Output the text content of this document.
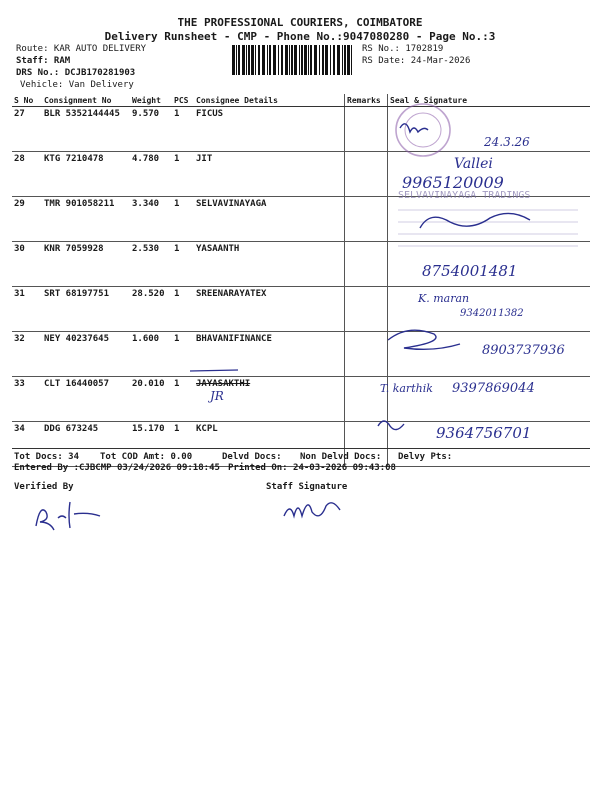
THE PROFESSIONAL COURIERS, COIMBATORE
Delivery Runsheet - CMP - Phone No.:9047080280 - Page No.:3
Route: KAR AUTO DELIVERY
Staff: RAM
DRS No.: DCJB170281903
Vehicle: Van Delivery
RS No.: 1702819
RS Date: 24-Mar-2026
S No	Consignment No	Weight	PCS	Consignee Details	Remarks	Seal & Signature
27	BLR 5352144445	9.570	1	FICUS		
28	KTG 7210478	4.780	1	JIT		
29	TMR 901058211	3.340	1	SELVAVINAYAGA		
30	KNR 7059928	2.530	1	YASAANTH		
31	SRT 68197751	28.520	1	SREENARAYATEX		
32	NEY 40237645	1.600	1	BHAVANIFINANCE		
33	CLT 16440057	20.010	1	JAYASAKTHI		
34	DDG 673245	15.170	1	KCPL		
24.3.26
Vallei
9965120009
SELVAVINAYAGA TRADINGS
8754001481
K. maran
9342011382
8903737936
JR
T. karthik 9397869044
9364756701
Tot Docs: 34 Tot COD Amt: 0.00	Delvd Docs: Non Delvd Docs: Delvy Pts:
Entered By :CJBCMP 03/24/2026 09:18:45 Printed On: 24-03-2026 09:43:08
Verified By	Staff Signature
